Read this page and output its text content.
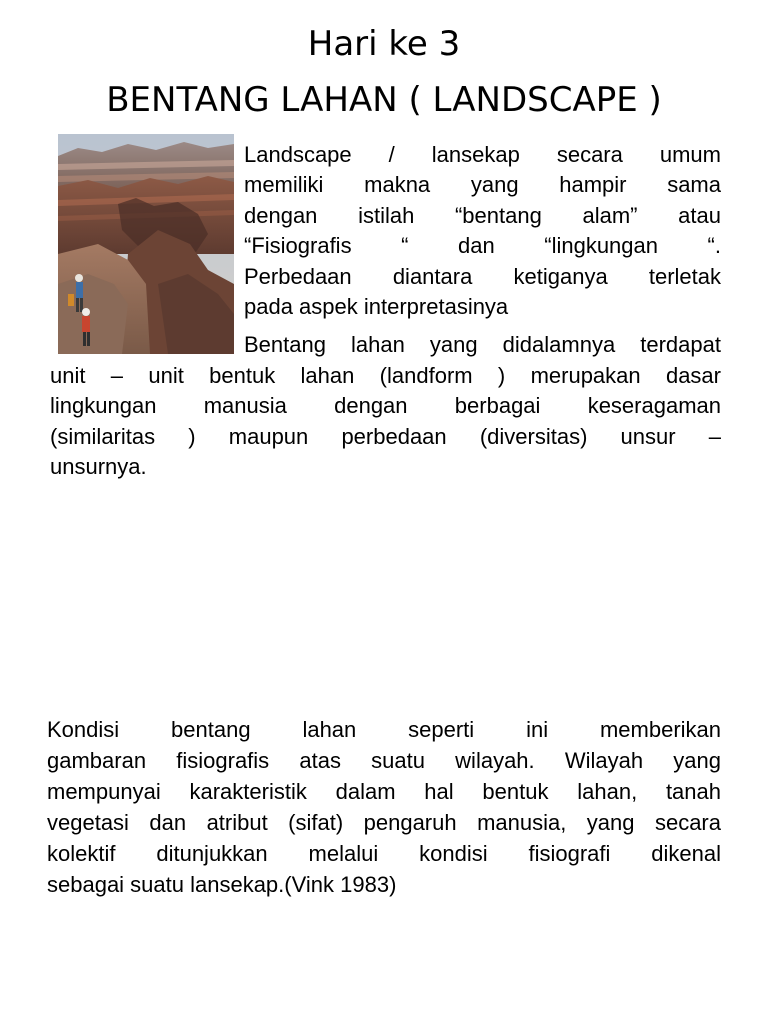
Hari ke 3
BENTANG LAHAN ( LANDSCAPE )
Landscape / lansekap secara umum
memiliki makna yang hampir sama
dengan istilah “bentang alam” atau
“Fisiografis “ dan “lingkungan “.
Perbedaan diantara ketiganya terletak
pada aspek interpretasinya
Bentang lahan yang didalamnya terdapat
unit – unit bentuk lahan (landform ) merupakan dasar
lingkungan manusia dengan berbagai keseragaman
(similaritas ) maupun perbedaan (diversitas) unsur –
unsurnya.
Kondisi bentang lahan seperti ini memberikan
gambaran fisiografis atas suatu wilayah. Wilayah yang
mempunyai karakteristik dalam hal bentuk lahan, tanah
vegetasi dan atribut (sifat) pengaruh manusia, yang secara
kolektif ditunjukkan melalui kondisi fisiografi dikenal
sebagai suatu lansekap.(Vink 1983)
